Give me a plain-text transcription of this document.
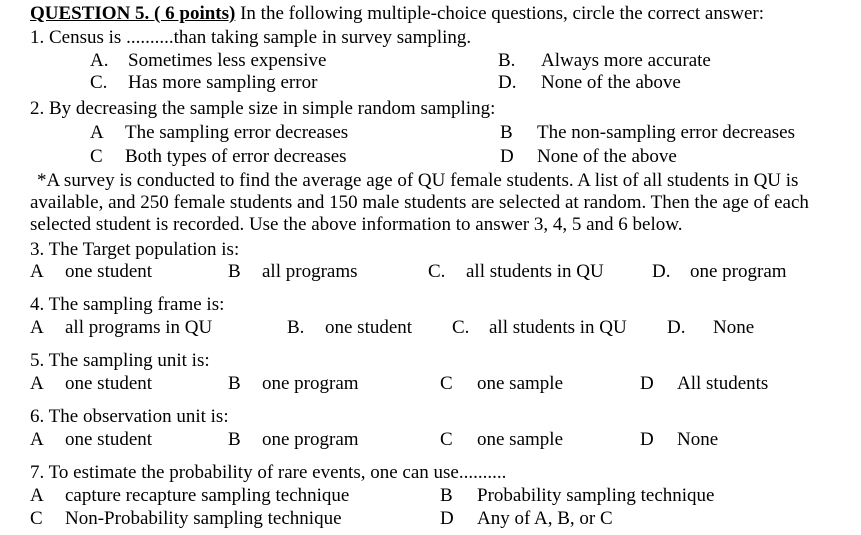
QUESTION 5. ( 6 points) In the following multiple-choice questions, circle the correct answer:
1. Census is ..........than taking sample in survey sampling.
A. Sometimes less expensive	B. Always more accurate
C. Has more sampling error	D. None of the above
2. By decreasing the sample size in simple random sampling:
A The sampling error decreases	B The non-sampling error decreases
C Both types of error decreases	D None of the above
*A survey is conducted to find the average age of QU female students. A list of all students in QU is
available, and 250 female students and 150 male students are selected at random. Then the age of each
selected student is recorded. Use the above information to answer 3, 4, 5 and 6 below.
3. The Target population is:
A one student	B all programs	C. all students in QU	D. one program
4. The sampling frame is:
A all programs in QU	B. one student C. all students in QU D. None
5. The sampling unit is:
A one student	B one program	C one sample	D All students
6. The observation unit is:
A one student	B one program	C one sample	D None
7. To estimate the probability of rare events, one can use..........
A capture recapture sampling technique	B Probability sampling technique
C Non-Probability sampling technique	D Any of A, B, or C
